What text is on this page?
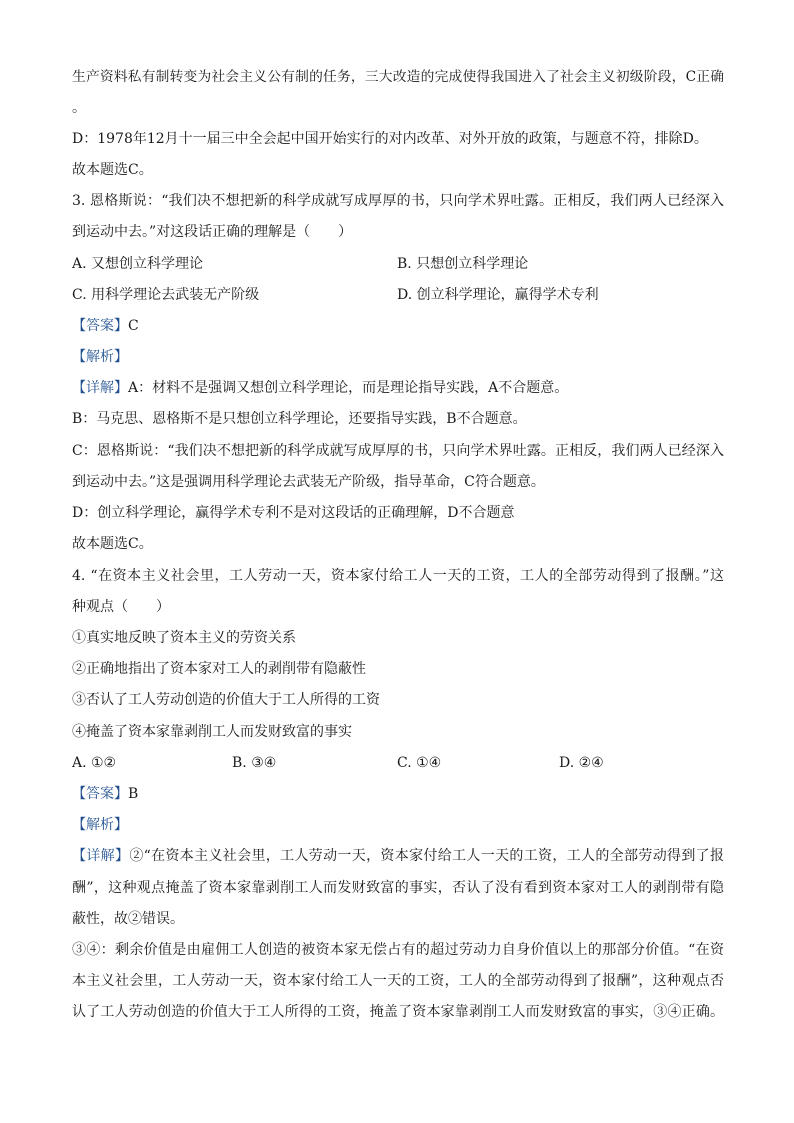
生产资料私有制转变为社会主义公有制的任务，三大改造的完成使得我国进入了社会主义初级阶段，C正确
。
D：1978年12月十一届三中全会起中国开始实行的对内改革、对外开放的政策，与题意不符，排除D。
故本题选C。
3. 恩格斯说：“我们决不想把新的科学成就写成厚厚的书，只向学术界吐露。正相反，我们两人已经深入
到运动中去。”对这段话正确的理解是（　　）
A. 又想创立科学理论	B. 只想创立科学理论
C. 用科学理论去武装无产阶级	D. 创立科学理论，赢得学术专利
【答案】C
【解析】
【详解】A：材料不是强调又想创立科学理论，而是理论指导实践，A不合题意。
B：马克思、恩格斯不是只想创立科学理论，还要指导实践，B不合题意。
C：恩格斯说：“我们决不想把新的科学成就写成厚厚的书，只向学术界吐露。正相反，我们两人已经深入
到运动中去。”这是强调用科学理论去武装无产阶级，指导革命，C符合题意。
D：创立科学理论，赢得学术专利不是对这段话的正确理解，D不合题意
故本题选C。
4. “在资本主义社会里，工人劳动一天，资本家付给工人一天的工资，工人的全部劳动得到了报酬。”这
种观点（　　）
①真实地反映了资本主义的劳资关系
②正确地指出了资本家对工人的剥削带有隐蔽性
③否认了工人劳动创造的价值大于工人所得的工资
④掩盖了资本家靠剥削工人而发财致富的事实
A. ①②	B. ③④	C. ①④	D. ②④
【答案】B
【解析】
【详解】②“在资本主义社会里，工人劳动一天，资本家付给工人一天的工资，工人的全部劳动得到了报
酬”，这种观点掩盖了资本家靠剥削工人而发财致富的事实，否认了没有看到资本家对工人的剥削带有隐
蔽性，故②错误。
③④：剩余价值是由雇佣工人创造的被资本家无偿占有的超过劳动力自身价值以上的那部分价值。“在资
本主义社会里，工人劳动一天，资本家付给工人一天的工资，工人的全部劳动得到了报酬”，这种观点否
认了工人劳动创造的价值大于工人所得的工资，掩盖了资本家靠剥削工人而发财致富的事实，③④正确。
